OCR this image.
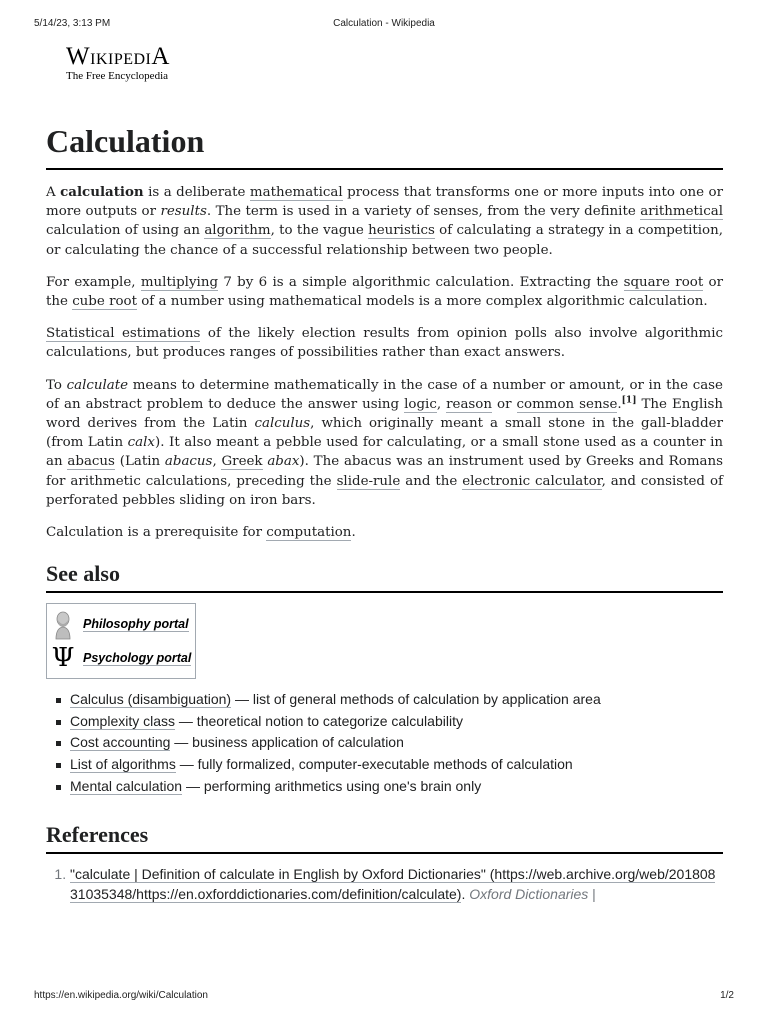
5/14/23, 3:13 PM	Calculation - Wikipedia
WikipediA
The Free Encyclopedia
Calculation

A calculation is a deliberate mathematical process that transforms one or more inputs into one or more outputs or results. The term is used in a variety of senses, from the very definite arithmetical calculation of using an algorithm, to the vague heuristics of calculating a strategy in a competition, or calculating the chance of a successful relationship between two people.

For example, multiplying 7 by 6 is a simple algorithmic calculation. Extracting the square root or the cube root of a number using mathematical models is a more complex algorithmic calculation.

Statistical estimations of the likely election results from opinion polls also involve algorithmic calculations, but produces ranges of possibilities rather than exact answers.

To calculate means to determine mathematically in the case of a number or amount, or in the case of an abstract problem to deduce the answer using logic, reason or common sense.[1] The English word derives from the Latin calculus, which originally meant a small stone in the gall-bladder (from Latin calx). It also meant a pebble used for calculating, or a small stone used as a counter in an abacus (Latin abacus, Greek abax). The abacus was an instrument used by Greeks and Romans for arithmetic calculations, preceding the slide-rule and the electronic calculator, and consisted of perforated pebbles sliding on iron bars.

Calculation is a prerequisite for computation.

See also
Philosophy portal
Ψ Psychology portal
Calculus (disambiguation) — list of general methods of calculation by application area
Complexity class — theoretical notion to categorize calculability
Cost accounting — business application of calculation
List of algorithms — fully formalized, computer-executable methods of calculation
Mental calculation — performing arithmetics using one's brain only
References
1. "calculate | Definition of calculate in English by Oxford Dictionaries" (https://web.archive.org/web/20180831035348/https://en.oxforddictionaries.com/definition/calculate). Oxford Dictionaries |
https://en.wikipedia.org/wiki/Calculation	1/2
